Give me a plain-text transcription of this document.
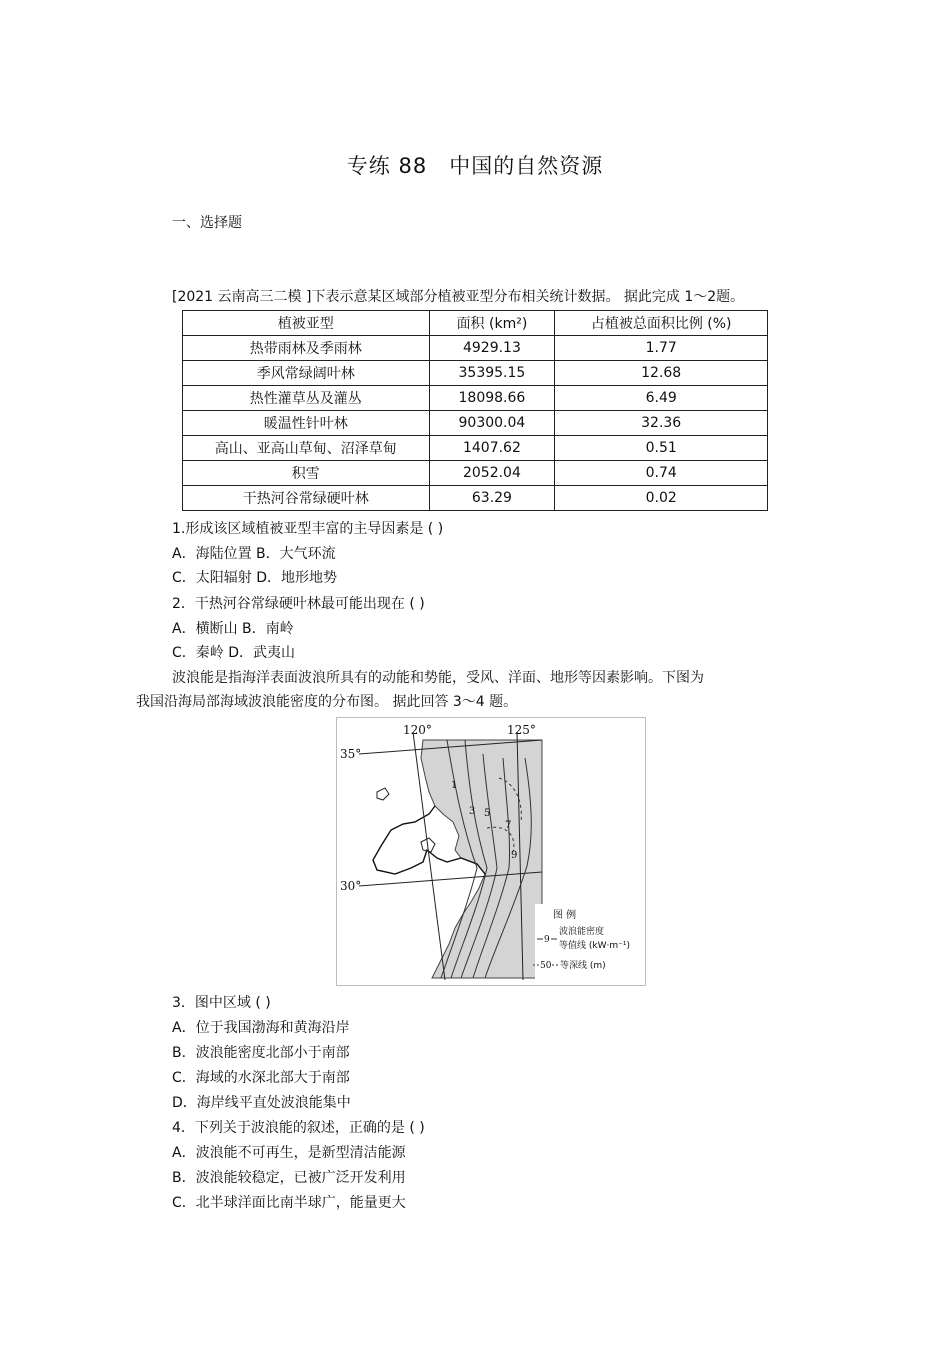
专练 88　中国的自然资源
一、选择题
[2021 云南高三二模 ]下表示意某区域部分植被亚型分布相关统计数据。 据此完成 1～2题。
植被亚型	面积 (km²)	占植被总面积比例 (%)
热带雨林及季雨林	4929.13	1.77
季风常绿阔叶林	35395.15	12.68
热性灌草丛及灌丛	18098.66	6.49
暖温性针叶林	90300.04	32.36
高山、亚高山草甸、沼泽草甸	1407.62	0.51
积雪	2052.04	0.74
干热河谷常绿硬叶林	63.29	0.02
1.形成该区域植被亚型丰富的主导因素是 ( )
A．海陆位置 B．大气环流
C．太阳辐射 D．地形地势
2．干热河谷常绿硬叶林最可能出现在 ( )
A．横断山 B．南岭
C．秦岭 D．武夷山
波浪能是指海洋表面波浪所具有的动能和势能，受风、洋面、地形等因素影响。下图为
我国沿海局部海域波浪能密度的分布图。 据此回答 3～4 题。
120°	125°
35°
30°
1
3 5
7
9
图 例
9
波浪能密度
等值线 (kW·m⁻¹)
50 等深线 (m)
3．图中区域 ( )
A．位于我国渤海和黄海沿岸
B．波浪能密度北部小于南部
C．海域的水深北部大于南部
D．海岸线平直处波浪能集中
4．下列关于波浪能的叙述，正确的是 ( )
A．波浪能不可再生，是新型清洁能源
B．波浪能较稳定，已被广泛开发利用
C．北半球洋面比南半球广，能量更大
